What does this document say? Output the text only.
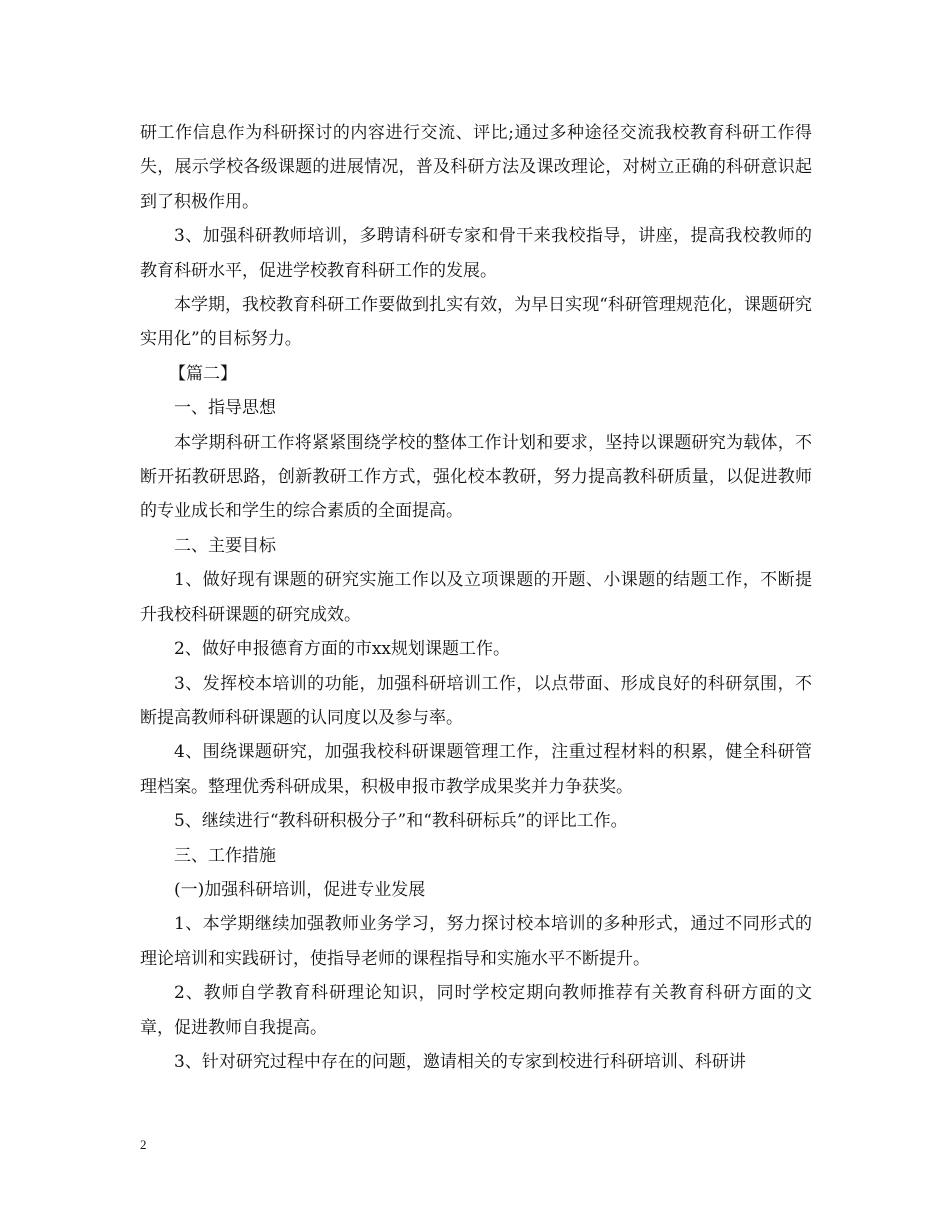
研工作信息作为科研探讨的内容进行交流、评比;通过多种途径交流我校教育科研工作得失，展示学校各级课题的进展情况，普及科研方法及课改理论，对树立正确的科研意识起到了积极作用。

3、加强科研教师培训，多聘请科研专家和骨干来我校指导，讲座，提高我校教师的教育科研水平，促进学校教育科研工作的发展。

本学期，我校教育科研工作要做到扎实有效，为早日实现“科研管理规范化，课题研究实用化”的目标努力。

【篇二】

一、指导思想

本学期科研工作将紧紧围绕学校的整体工作计划和要求，坚持以课题研究为载体，不断开拓教研思路，创新教研工作方式，强化校本教研，努力提高教科研质量，以促进教师的专业成长和学生的综合素质的全面提高。

二、主要目标

1、做好现有课题的研究实施工作以及立项课题的开题、小课题的结题工作，不断提升我校科研课题的研究成效。

2、做好申报德育方面的市xx规划课题工作。

3、发挥校本培训的功能，加强科研培训工作，以点带面、形成良好的科研氛围，不断提高教师科研课题的认同度以及参与率。

4、围绕课题研究，加强我校科研课题管理工作，注重过程材料的积累，健全科研管理档案。整理优秀科研成果，积极申报市教学成果奖并力争获奖。

5、继续进行“教科研积极分子”和“教科研标兵”的评比工作。

三、工作措施

(一)加强科研培训，促进专业发展

1、本学期继续加强教师业务学习，努力探讨校本培训的多种形式，通过不同形式的理论培训和实践研讨，使指导老师的课程指导和实施水平不断提升。

2、教师自学教育科研理论知识，同时学校定期向教师推荐有关教育科研方面的文章，促进教师自我提高。

3、针对研究过程中存在的问题，邀请相关的专家到校进行科研培训、科研讲

2
